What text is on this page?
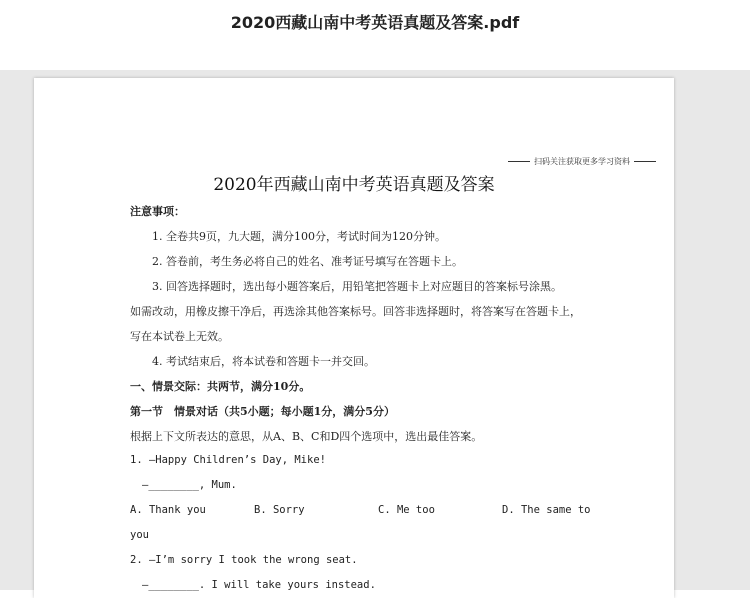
2020西藏山南中考英语真题及答案.pdf
扫码关注获取更多学习资料
2020年西藏山南中考英语真题及答案
注意事项：
1. 全卷共9页，九大题，满分100分，考试时间为120分钟。
2. 答卷前，考生务必将自己的姓名、准考证号填写在答题卡上。
3. 回答选择题时，选出每小题答案后，用铅笔把答题卡上对应题目的答案标号涂黑。
如需改动，用橡皮擦干净后，再选涂其他答案标号。回答非选择题时，将答案写在答题卡上，
写在本试卷上无效。
4. 考试结束后，将本试卷和答题卡一并交回。
一、情景交际：共两节，满分10分。
第一节　情景对话（共5小题；每小题1分，满分5分）
根据上下文所表达的意思，从A、B、C和D四个选项中，选出最佳答案。
1. —Happy Children’s Day, Mike!
—________, Mum.
A. Thank you	B. Sorry	C. Me too	D. The same to
you
2. —I’m sorry I took the wrong seat.
—________. I will take yours instead.
